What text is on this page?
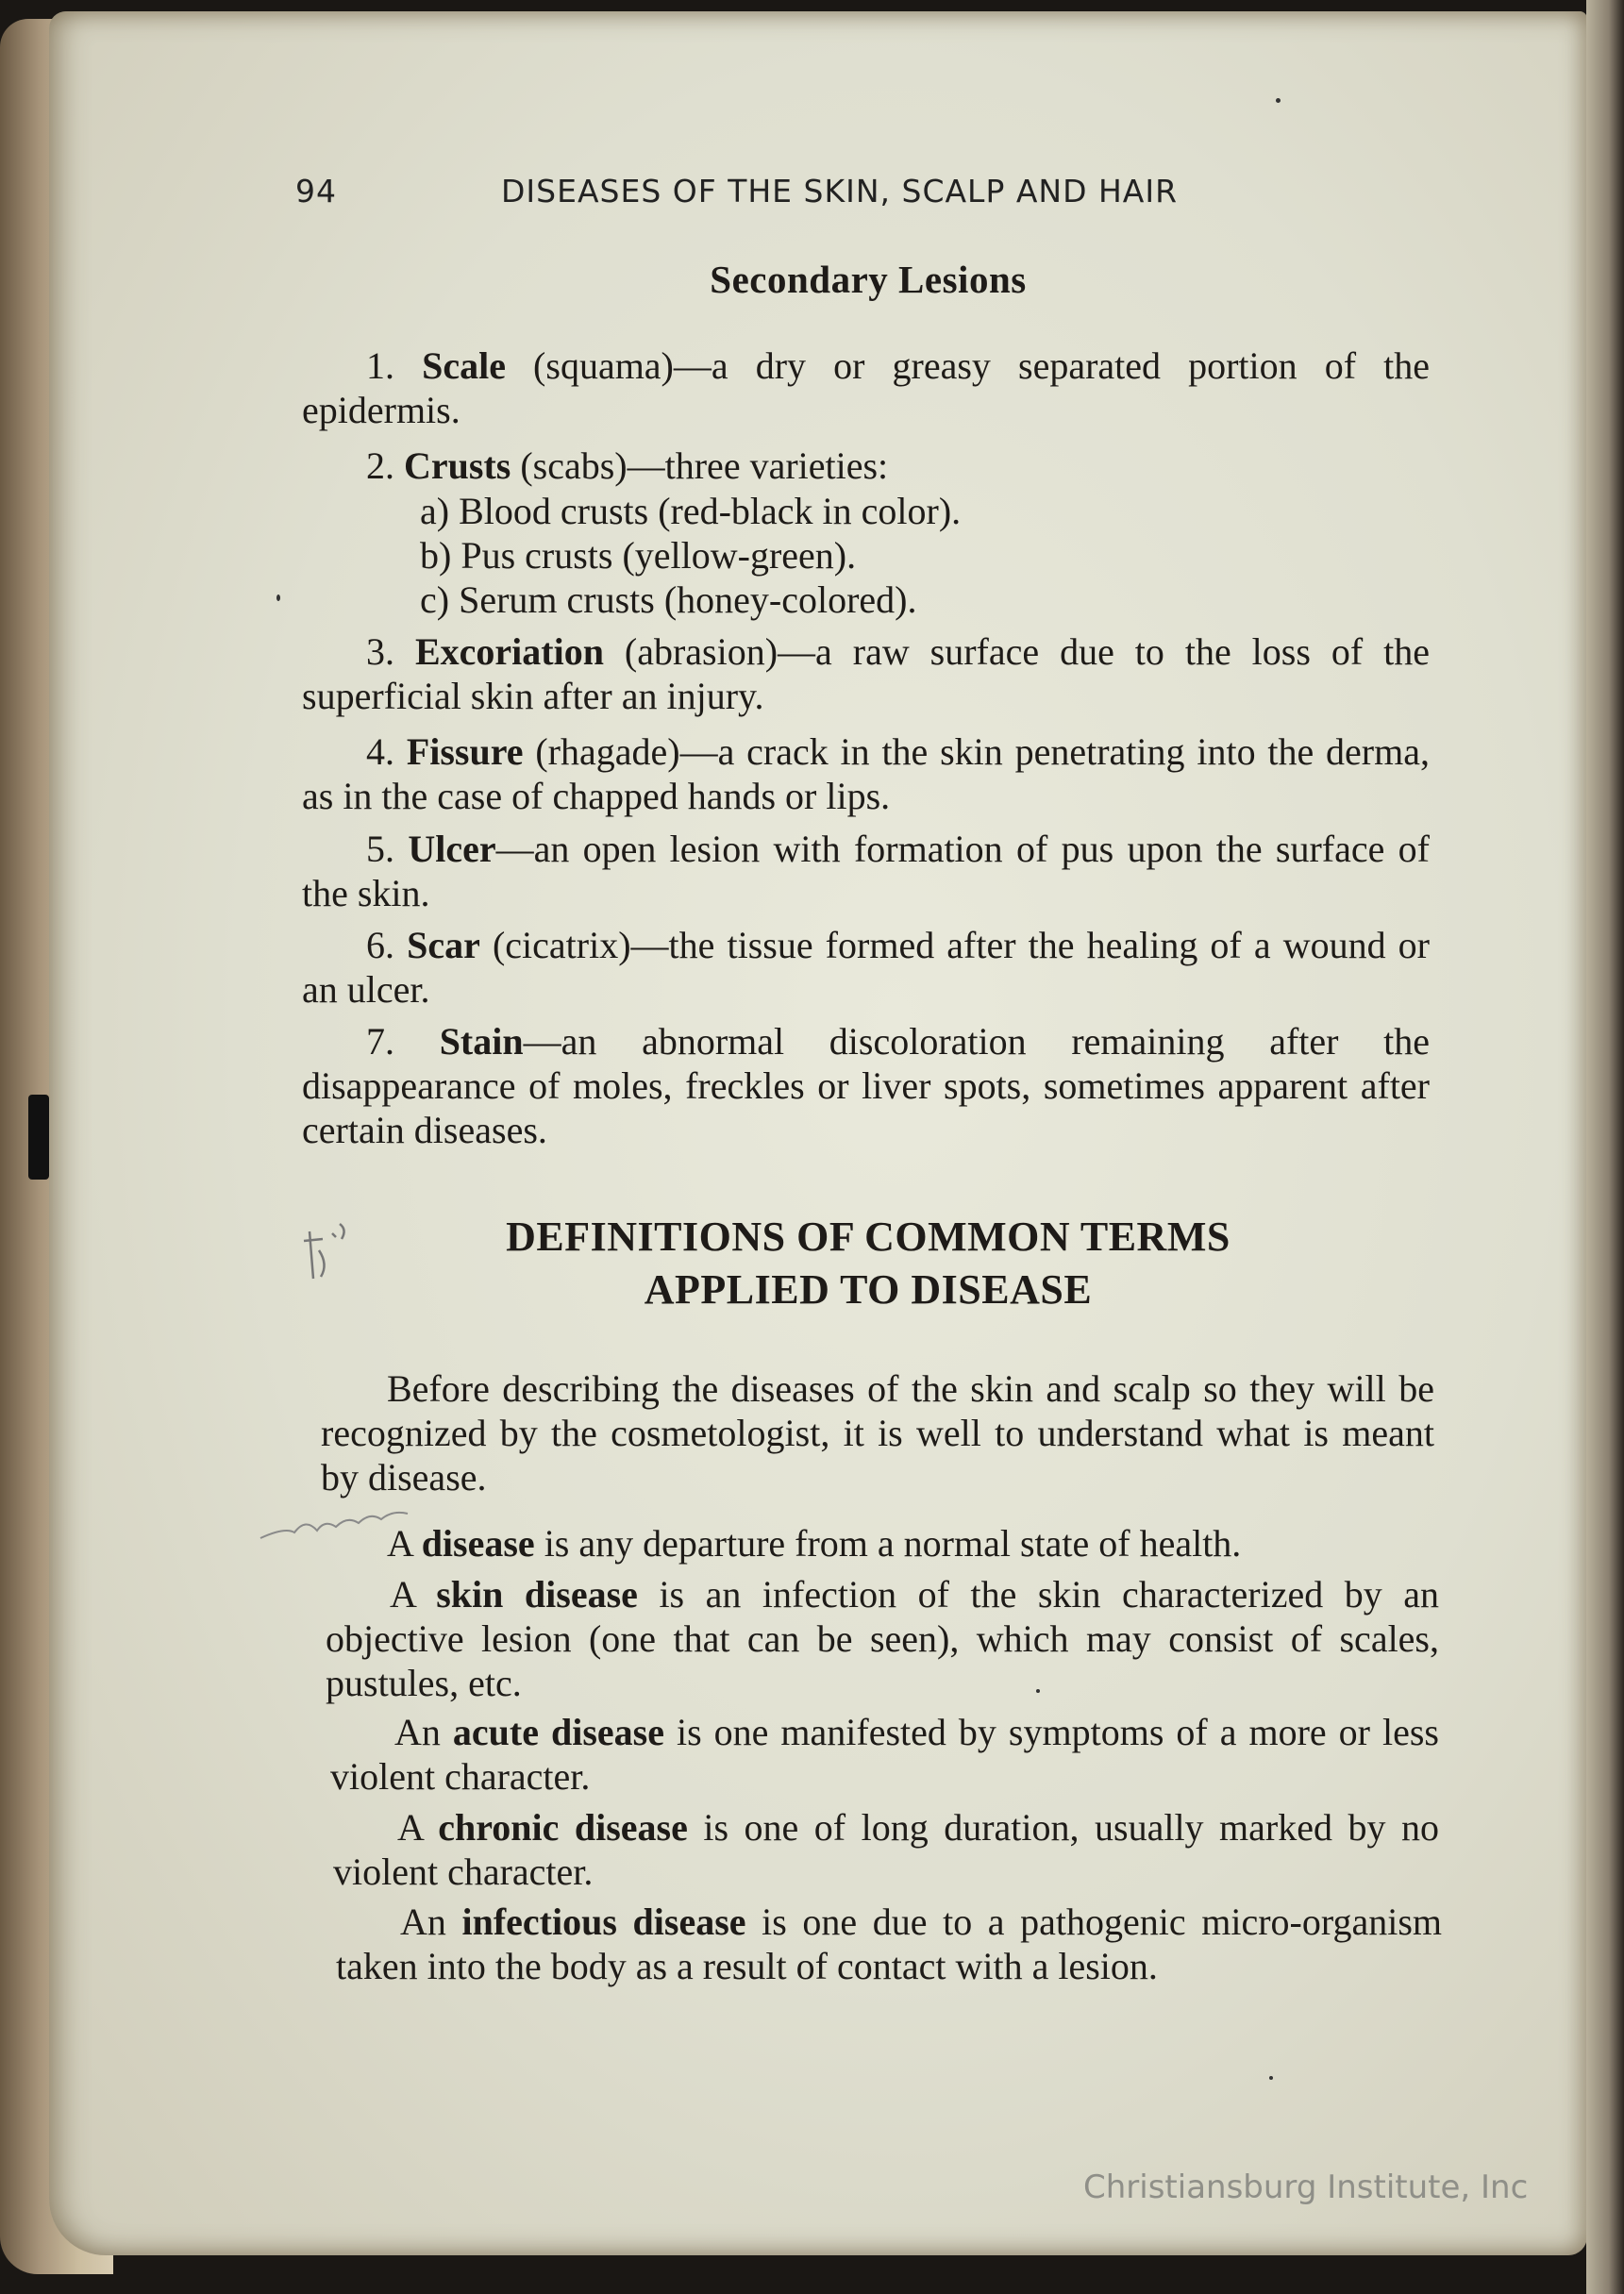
94	DISEASES OF THE SKIN, SCALP AND HAIR
Secondary Lesions
1. Scale (squama)—a dry or greasy separated portion of the epidermis.
2. Crusts (scabs)—three varieties:
a) Blood crusts (red-black in color).
b) Pus crusts (yellow-green).
c) Serum crusts (honey-colored).
3. Excoriation (abrasion)—a raw surface due to the loss of the superficial skin after an injury.
4. Fissure (rhagade)—a crack in the skin penetrating into the derma, as in the case of chapped hands or lips.
5. Ulcer—an open lesion with formation of pus upon the surface of the skin.
6. Scar (cicatrix)—the tissue formed after the healing of a wound or an ulcer.
7. Stain—an abnormal discoloration remaining after the disappearance of moles, freckles or liver spots, sometimes apparent after certain diseases.
DEFINITIONS OF COMMON TERMS
APPLIED TO DISEASE
Before describing the diseases of the skin and scalp so they will be recognized by the cosmetologist, it is well to understand what is meant by disease.
A disease is any departure from a normal state of health.
A skin disease is an infection of the skin characterized by an objective lesion (one that can be seen), which may consist of scales, pustules, etc.
An acute disease is one manifested by symptoms of a more or less violent character.
A chronic disease is one of long duration, usually marked by no violent character.
An infectious disease is one due to a pathogenic micro-organism taken into the body as a result of contact with a lesion.
Christiansburg Institute, Inc
